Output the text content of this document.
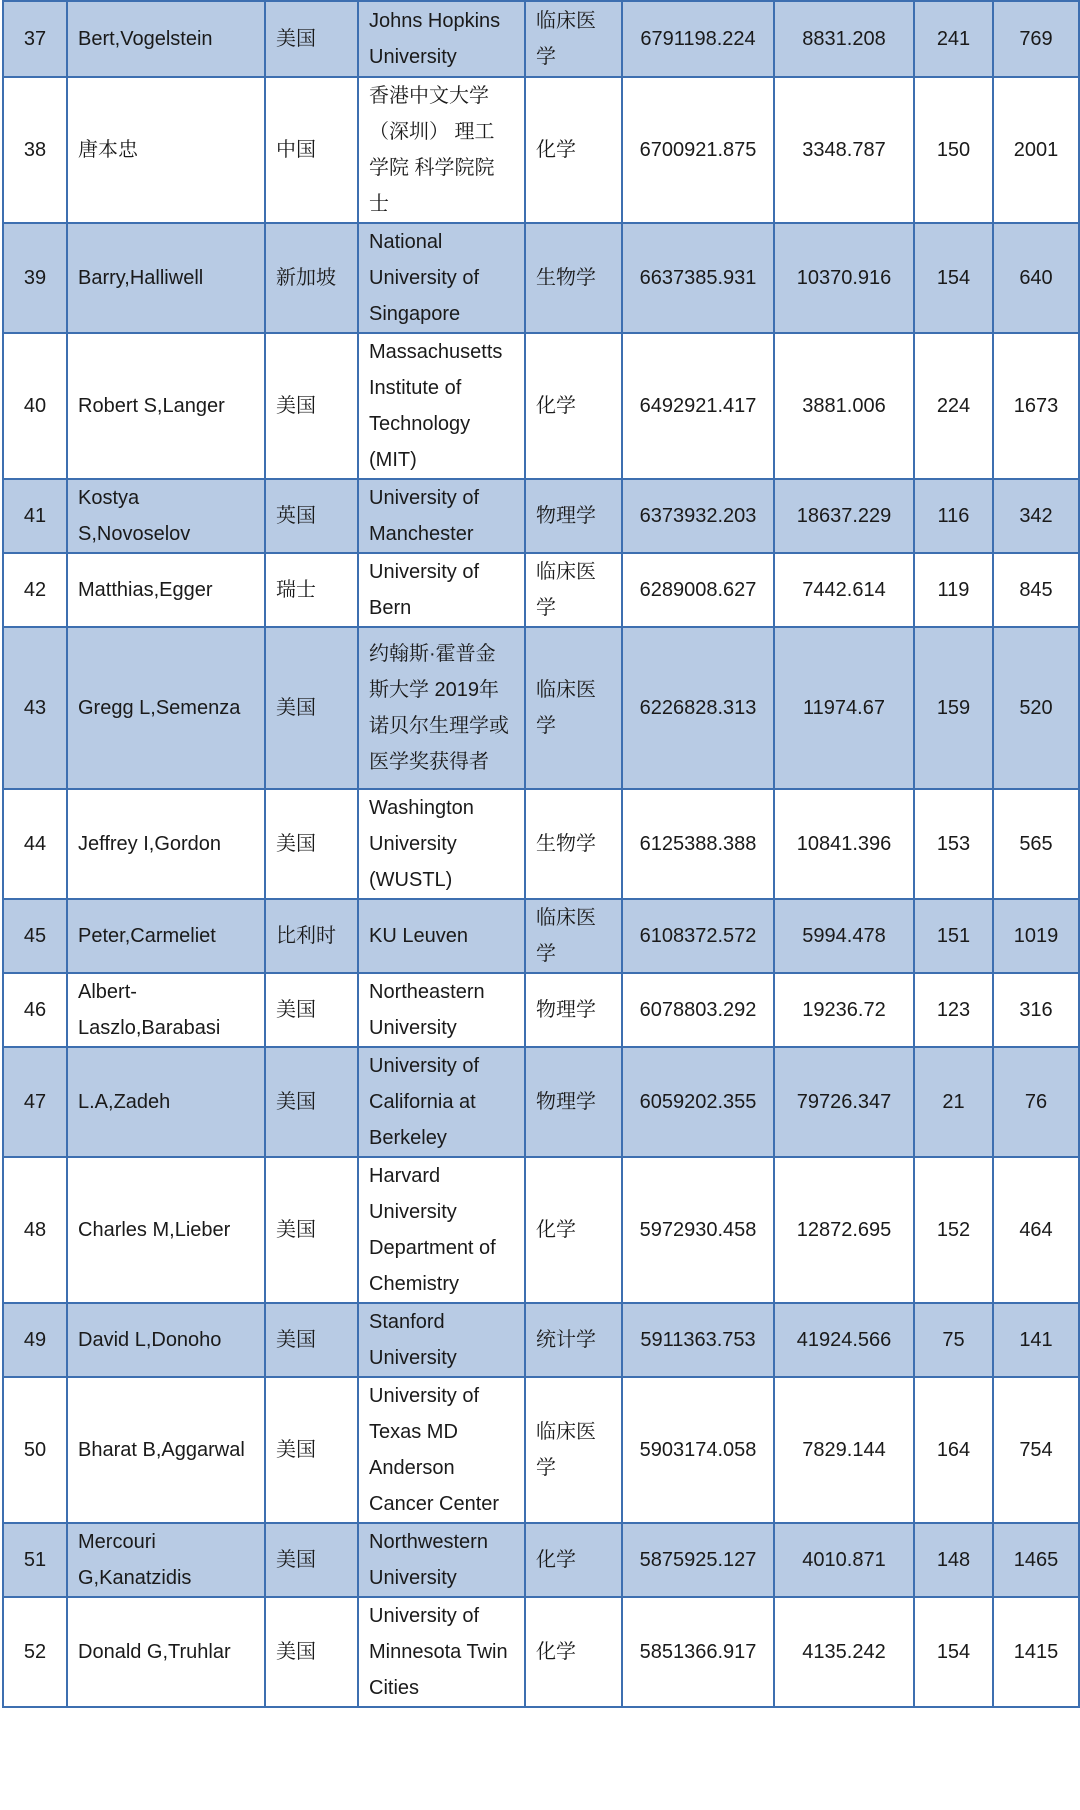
37	Bert,Vogelstein	美国	Johns Hopkins University	临床医学	6791198.224	8831.208	241	769
38	唐本忠	中国	香港中文大学（深圳） 理工学院 科学院院士	化学	6700921.875	3348.787	150	2001
39	Barry,Halliwell	新加坡	National University of Singapore	生物学	6637385.931	10370.916	154	640
40	Robert S,Langer	美国	Massachusetts Institute of Technology (MIT)	化学	6492921.417	3881.006	224	1673
41	Kostya S,Novoselov	英国	University of Manchester	物理学	6373932.203	18637.229	116	342
42	Matthias,Egger	瑞士	University of Bern	临床医学	6289008.627	7442.614	119	845
43	Gregg L,Semenza	美国	约翰斯·霍普金斯大学 2019年诺贝尔生理学或医学奖获得者	临床医学	6226828.313	11974.67	159	520
44	Jeffrey I,Gordon	美国	Washington University (WUSTL)	生物学	6125388.388	10841.396	153	565
45	Peter,Carmeliet	比利时	KU Leuven	临床医学	6108372.572	5994.478	151	1019
46	Albert-Laszlo,Barabasi	美国	Northeastern University	物理学	6078803.292	19236.72	123	316
47	L.A,Zadeh	美国	University of California at Berkeley	物理学	6059202.355	79726.347	21	76
48	Charles M,Lieber	美国	Harvard University Department of Chemistry	化学	5972930.458	12872.695	152	464
49	David L,Donoho	美国	Stanford University	统计学	5911363.753	41924.566	75	141
50	Bharat B,Aggarwal	美国	University of Texas MD Anderson Cancer Center	临床医学	5903174.058	7829.144	164	754
51	Mercouri G,Kanatzidis	美国	Northwestern University	化学	5875925.127	4010.871	148	1465
52	Donald G,Truhlar	美国	University of Minnesota Twin Cities	化学	5851366.917	4135.242	154	1415
